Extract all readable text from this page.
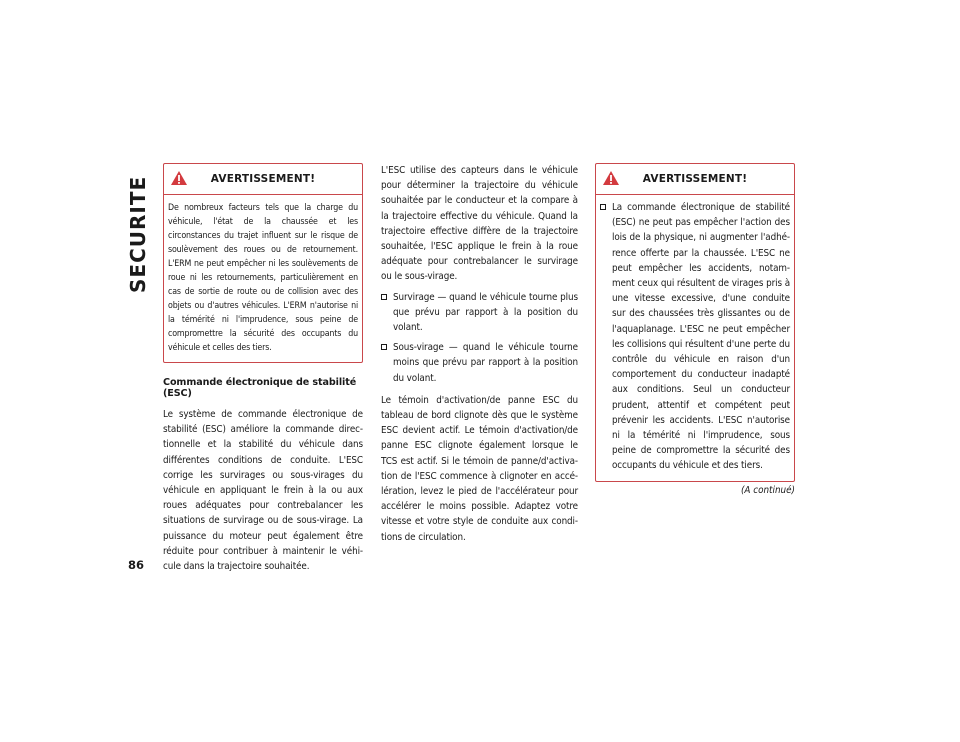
SECURITE
86
AVERTISSEMENT!
De nombreux facteurs tels que la charge du véhicule, l'état de la chaussée et les circonstances du trajet influent sur le risque de soulèvement des roues ou de retournement. L'ERM ne peut empêcher ni les soulèvements de roue ni les retournements, particulièrement en cas de sortie de route ou de collision avec des objets ou d'autres véhicules. L'ERM n'autorise ni la témérité ni l'imprudence, sous peine de compromettre la sécurité des occupants du véhicule et celles des tiers.
Commande électronique de stabilité (ESC)

Le système de commande électronique de stabilité (ESC) améliore la commande direc-tionnelle et la stabilité du véhicule dans différentes conditions de conduite. L'ESC corrige les survirages ou sous-virages du véhicule en appliquant le frein à la ou aux roues adéquates pour contrebalancer les situations de survirage ou de sous-virage. La puissance du moteur peut également être réduite pour contribuer à maintenir le véhi-cule dans la trajectoire souhaitée.

L'ESC utilise des capteurs dans le véhicule pour déterminer la trajectoire du véhicule souhaitée par le conducteur et la compare à la trajectoire effective du véhicule. Quand la trajectoire effective diffère de la trajectoire souhaitée, l'ESC applique le frein à la roue adéquate pour contrebalancer le survirage ou le sous-virage.

Survirage — quand le véhicule tourne plus que prévu par rapport à la position du volant.
Sous-virage — quand le véhicule tourne moins que prévu par rapport à la position du volant.

Le témoin d'activation/de panne ESC du tableau de bord clignote dès que le système ESC devient actif. Le témoin d'activation/de panne ESC clignote également lorsque le TCS est actif. Si le témoin de panne/d'activa-tion de l'ESC commence à clignoter en accé-lération, levez le pied de l'accélérateur pour accélérer le moins possible. Adaptez votre vitesse et votre style de conduite aux condi-tions de circulation.

AVERTISSEMENT!
La commande électronique de stabilité (ESC) ne peut pas empêcher l'action des lois de la physique, ni augmenter l'adhé-rence offerte par la chaussée. L'ESC ne peut empêcher les accidents, notam-ment ceux qui résultent de virages pris à une vitesse excessive, d'une conduite sur des chaussées très glissantes ou de l'aquaplanage. L'ESC ne peut empêcher les collisions qui résultent d'une perte du contrôle du véhicule en raison d'un comportement du conducteur inadapté aux conditions. Seul un conducteur prudent, attentif et compétent peut prévenir les accidents. L'ESC n'autorise ni la témérité ni l'imprudence, sous peine de compromettre la sécurité des occupants du véhicule et des tiers.
(A continué)
